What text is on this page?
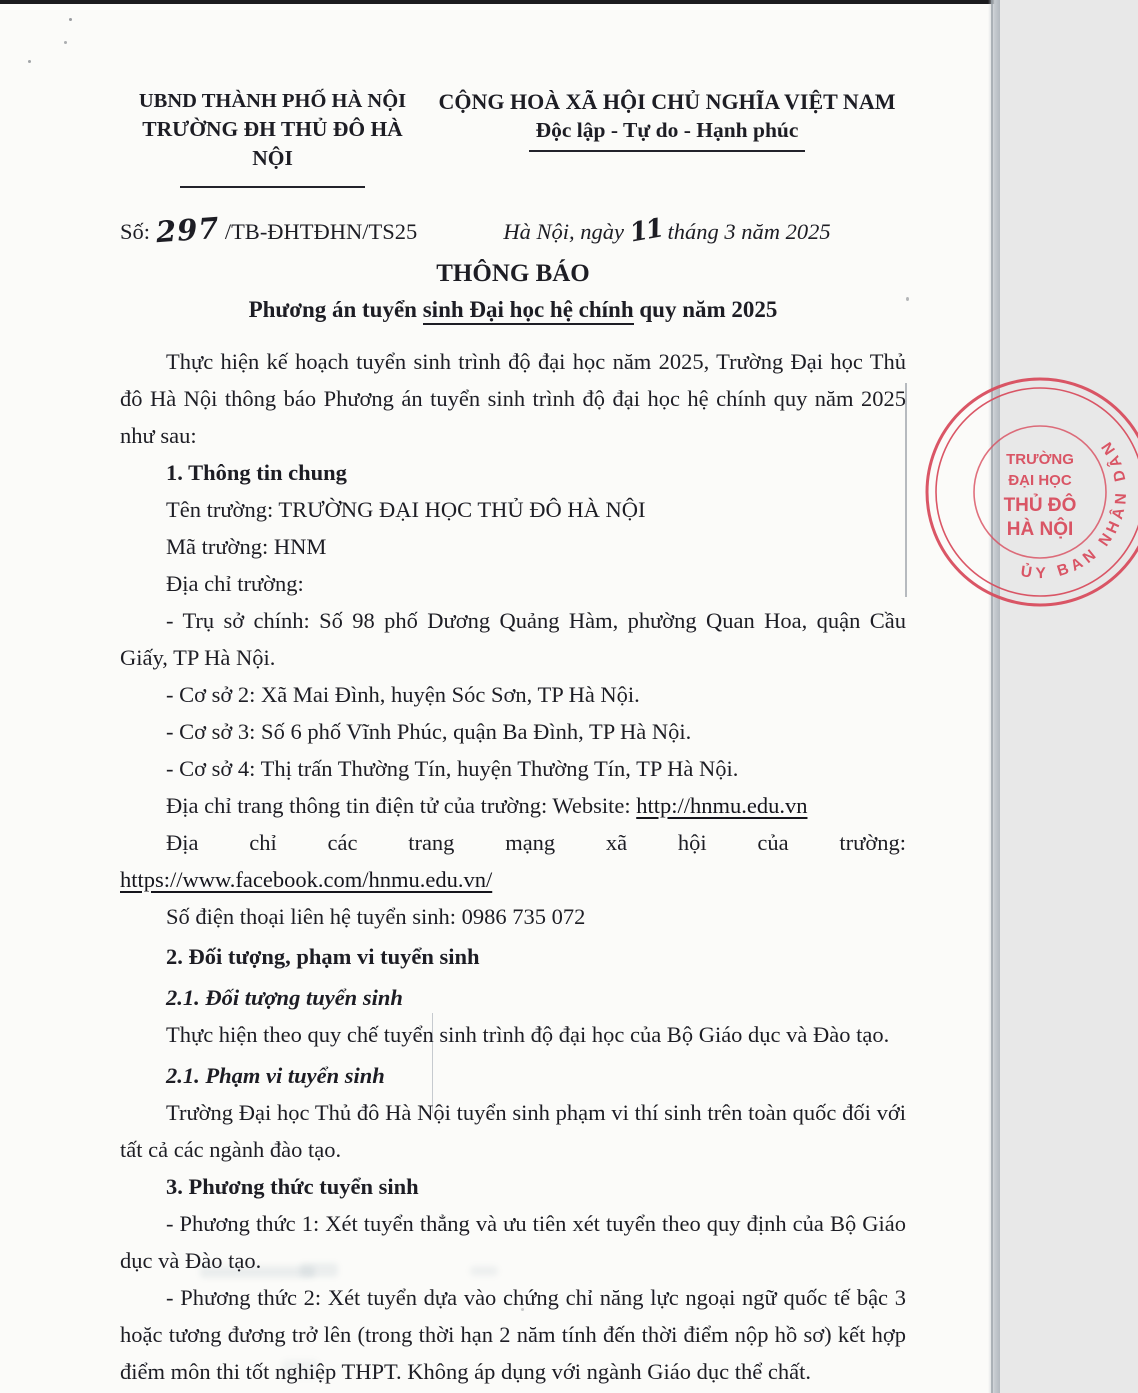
ỦY BAN NHÂN DÂN
TRƯỜNG
ĐẠI HỌC
THỦ ĐÔ
HÀ NỘI
UBND THÀNH PHỐ HÀ NỘI
TRƯỜNG ĐH THỦ ĐÔ HÀ NỘI
CỘNG HOÀ XÃ HỘI CHỦ NGHĨA VIỆT NAM
Độc lập - Tự do - Hạnh phúc
Số: 297 /TB-ĐHTĐHN/TS25	Hà Nội, ngày 11 tháng 3 năm 2025
THÔNG BÁO
Phương án tuyển sinh Đại học hệ chính quy năm 2025

Thực hiện kế hoạch tuyển sinh trình độ đại học năm 2025, Trường Đại học Thủ đô Hà Nội thông báo Phương án tuyển sinh trình độ đại học hệ chính quy năm 2025 như sau:

1. Thông tin chung

Tên trường: TRƯỜNG ĐẠI HỌC THỦ ĐÔ HÀ NỘI

Mã trường: HNM

Địa chỉ trường:

- Trụ sở chính: Số 98 phố Dương Quảng Hàm, phường Quan Hoa, quận Cầu Giấy, TP Hà Nội.

- Cơ sở 2: Xã Mai Đình, huyện Sóc Sơn, TP Hà Nội.

- Cơ sở 3: Số 6 phố Vĩnh Phúc, quận Ba Đình, TP Hà Nội.

- Cơ sở 4: Thị trấn Thường Tín, huyện Thường Tín, TP Hà Nội.

Địa chỉ trang thông tin điện tử của trường: Website: http://hnmu.edu.vn

Địa chỉ các trang mạng xã hội của trường:

https://www.facebook.com/hnmu.edu.vn/

Số điện thoại liên hệ tuyển sinh: 0986 735 072

2. Đối tượng, phạm vi tuyển sinh
2.1. Đối tượng tuyển sinh

Thực hiện theo quy chế tuyển sinh trình độ đại học của Bộ Giáo dục và Đào tạo.

2.1. Phạm vi tuyển sinh

Trường Đại học Thủ đô Hà Nội tuyển sinh phạm vi thí sinh trên toàn quốc đối với tất cả các ngành đào tạo.

3. Phương thức tuyển sinh

- Phương thức 1: Xét tuyển thẳng và ưu tiên xét tuyển theo quy định của Bộ Giáo dục và Đào tạo.

- Phương thức 2: Xét tuyển dựa vào chứng chỉ năng lực ngoại ngữ quốc tế bậc 3 hoặc tương đương trở lên (trong thời hạn 2 năm tính đến thời điểm nộp hồ sơ) kết hợp điểm môn thi tốt nghiệp THPT. Không áp dụng với ngành Giáo dục thể chất.
